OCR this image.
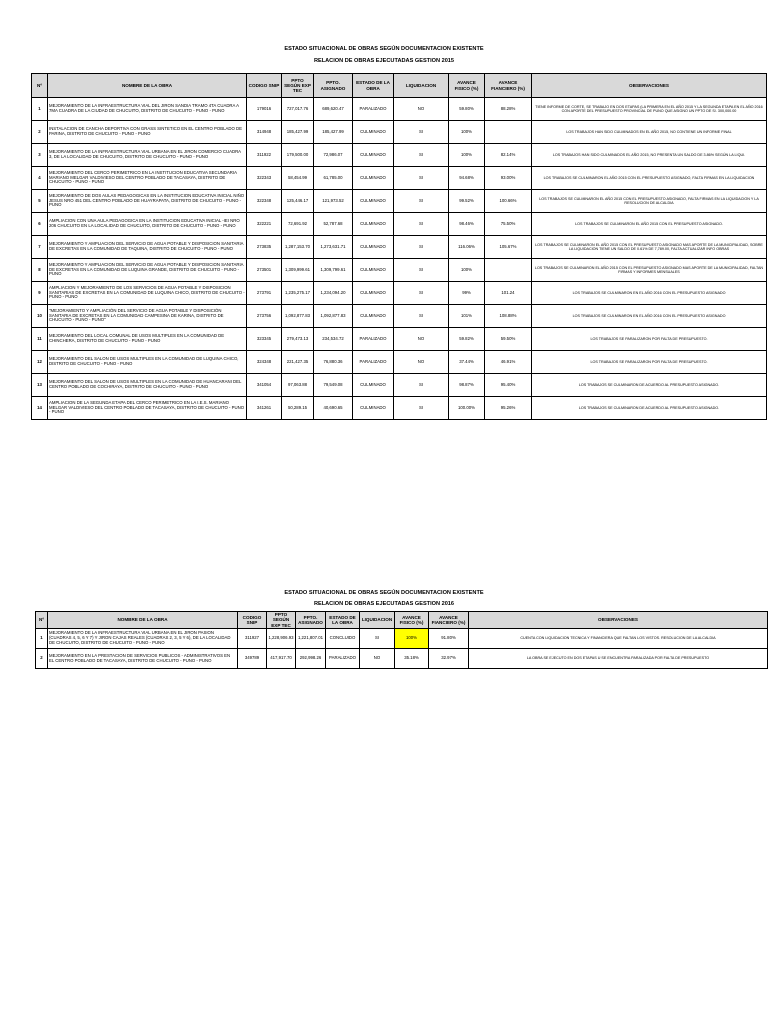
ESTADO SITUACIONAL DE OBRAS SEGÚN DOCUMENTACION EXISTENTE
RELACION DE OBRAS EJECUTADAS GESTION 2015
Nº	NOMBRE DE LA OBRA	CODIGO SNIP	PPTO SEGÚN EXP TEC	PPTO. ASIGNADO	ESTADO DE LA OBRA	LIQUIDACION	AVANCE FISICO (%)	AVANCE FIANCIERO (%)	OBSERVACIONES
1	MEJORAMIENTO DE LA INFRAESTRUCTURA VIAL DEL JIRON SANDIA TRAMO 4TA CUADRA A 7MA CUADRA DE LA CIUDAD DE CHUCUITO, DISTRITO DE CHUCUITO - PUNO - PUNO	179016	727,017.76	689,620.47	PARALIZADO	NO	59.80%	88.28%	TIENE INFORME DE CORTE, SE TRABAJO EN DOS ETAPAS (LA PRIMERA EN EL AÑO 2015 Y LA SEGUNDA ETAPA EN EL AÑO 2016 CON APORTE DEL PRESUPUESTO PROVINCIAL DE PUNO QUE ASIGNO UN PPTO DE S/. 300,000.00
2	INSTALACION DE CANCHA DEPORTIVA CON GRASS SINTETICO EN EL CENTRO POBLADO DE PARINA, DISTRITO DE CHUCUITO - PUNO - PUNO	314948	185,427.99	185,427.99	CULMINADO	SI	100%		LOS TRABAJOS HAN SIDO CULMINADOS EN EL AÑO 2015, NO CONTIENE UN INFORME FINAL
3	MEJORAMIENTO DE LA INFRAESTRUCTURA VIAL URBANA EN EL JIRON COMERCIO CUADRA 3, DE LA LOCALIDAD DE CHUCUITO, DISTRITO DE CHUCUITO - PUNO - PUNO	311922	179,500.00	72,986.07	CULMINADO	SI	100%	82.14%	LOS TRABAJOS HAN SIDO CULMINADOS EL AÑO 2015, NO PRESENTA UN SALDO DE 3.86% SEGÚN LA LIQUI.
4	MEJORAMIENTO DEL CERCO PERIMETRICO EN LA INSTITUCION EDUCATIVA SECUNDARIA MARIANO MELGAR VALDIVIESO DEL CENTRO POBLADO DE TACASAYA, DISTRITO DE CHUCUITO - PUNO - PUNO	322343	58,454.99	61,785.00	CULMINADO	SI	94.68%	93.00%	LOS TRABAJOS SE CULMINARON EL AÑO 2015 CON EL PRESUPUESTO ASIGNADO, FALTA FIRMAS EN LA LIQUIDACION
5	MEJORAMIENTO DE DOS AULAS PEDAGOGICAS EN LA INSTITUCION EDUCATIVA INICIAL NIÑO JESUS NRO 451 DEL CENTRO POBLADO DE HUAYRAPATA, DISTRITO DE CHUCUITO - PUNO - PUNO	322348	125,446.17	121,973.52	CULMINADO	SI	99.52%	100.66%	LOS TRABAJOS SE CULMINARON EL AÑO 2015 CON EL PRESUPUESTO ASIGNADO, FALTA FIRMAS EN LA LIQUIDACION Y LA RESOLUCION DE ALCALDIA
6	AMPLIACION CON UNA AULA PEDAGOGICA EN LA INSTITUCION EDUCATIVA INICIAL -IEI NRO 206 CHUCUITO EN LA LOCALIDAD DE CHUCUITO, DISTRITO DE CHUCUITO - PUNO - PUNO	322221	72,691.92	52,787.68	CULMINADO	SI	98.46%	75.50%	LOS TRABAJOS SE CULMINARON EL AÑO 2015 CON EL PRESUPUESTO ASIGNADO.
7	MEJORAMIENTO Y AMPLIACION DEL SERVICIO DE AGUA POTABLE Y DISPOSICION SANITARIA DE EXCRETAS EN LA COMUNIDAD DE TAQUINA, DISTRITO DE CHUCUITO - PUNO - PUNO	273835	1,287,153.70	1,273,631.71	CULMINADO	SI	116.06%	105.67%	LOS TRABAJOS SE CULMINARON EL AÑO 2015 CON EL PRESUPUESTO ASIGNADO MAS APORTE DE LA MUNICIPALIDAD, SOBRE LA LIQUIDACION TIENE UN SALDO DE 0.61% DE 7,789.00, FALTA ACTUALIZAR INFO OBRAS
8	MEJORAMIENTO Y AMPLIACION DEL SERVICIO DE AGUA POTABLE Y DISPOSICION SANITARIA DE EXCRETAS EN LA COMUNIDAD DE LUQUINA GRANDE, DISTRITO DE CHUCUITO - PUNO - PUNO	273501	1,309,999.61	1,309,799.61	CULMINADO	SI	100%		LOS TRABAJOS SE CULMINARON EL AÑO 2015 CON EL PRESUPUESTO ASIGNADO MAS APORTE DE LA MUNICIPALIDAD, FALTAN FIRMAS Y INFORMES MENSUALES
9	AMPLIACION Y MEJORAMIENTO DE LOS SERVICIOS DE AGUA POTABLE Y DISPOSICION SANITARIAS DE EXCRETAS EN LA COMUNIDAD DE LUQUINA CHICO, DISTRITO DE CHUCUITO - PUNO - PUNO	273791	1,235,275.17	1,234,094.20	CULMINADO	SI	99%	101.24	LOS TRABAJOS SE CULMINARON EN EL AÑO 2016 CON EL PRESUPUESTO ASIGNADO
10	"MEJORAMIENTO Y AMPLIACIÓN DEL SERVICIO DE AGUA POTABLE Y DISPOSICIÓN SANITARIA DE EXCRETAS EN LA COMUNIDAD CAMPESINA DE KARINA, DISTRITO DE CHUCUITO - PUNO - PUNO"	273756	1,092,877.83	1,092,877.83	CULMINADO	SI	101%	108.88%	LOS TRABAJOS SE CULMINARON EN EL AÑO 2016 CON EL PRESUPUESTO ASIGNADO
11	MEJORAMIENTO DEL LOCAL COMUNAL DE USOS MULTIPLES EN LA COMUNIDAD DE CHINCHERA, DISTRITO DE CHUCUITO - PUNO - PUNO	323345	279,473.13	234,534.72	PARALIZADO	NO	59.82%	59.50%	LOS TRABAJOS SE PARALIZARON POR FALTA DE PRESUPUESTO.
12	MEJORAMIENTO DEL SALON DE USOS MULTIPLES EN LA COMUNIDAD DE LUQUINA CHICO, DISTRITO DE CHUCUITO - PUNO - PUNO	324348	221,427.35	76,880.36	PARALIZADO	NO	37.44%	46.91%	LOS TRABAJOS SE PARALIZARON POR FALTA DE PRESUPUESTO.
13	MEJORAMIENTO DEL SALON DE USOS MULTIPLES EN LA COMUNIDAD DE HUANCARANI DEL CENTRO POBLADO DE COCHIRAYA, DISTRITO DE CHUCUITO - PUNO - PUNO	341054	97,063.88	79,549.08	CULMINADO	SI	98.87%	95.40%	LOS TRABAJOS SE CULMINARON DE ACUERDO AL PRESUPUESTO ASIGNADO.
14	AMPLIACION DE LA SEGUNDA ETAPA DEL CERCO PERIMETRICO EN LA I.E.S. MARIANO MELGAR VALDIVIESO DEL CENTRO POBLADO DE TACASAYA, DISTRITO DE CHUCUITO - PUNO - PUNO	341261	50,289.15	40,690.65	CULMINADO	SI	100.00%	95.26%	LOS TRABAJOS SE CULMINARON DE ACUERDO AL PRESUPUESTO ASIGNADO.
ESTADO SITUACIONAL DE OBRAS SEGÚN DOCUMENTACION EXISTENTE
RELACION DE OBRAS EJECUTADAS GESTION 2016
Nº	NOMBRE DE LA OBRA	CODIGO SNIP	PPTO SEGÚN EXP TEC	PPTO. ASIGNADO	ESTADO DE LA OBRA	LIQUIDACION	AVANCE FISICO (%)	AVANCE FIANCIERO (%)	OBSERVACIONES
1	MEJORAMIENTO DE LA INFRAESTRUCTURA VIAL URBANA EN EL JIRON PASION (CUADRAS 4, 5, 6 Y 7) Y JIRON CAJAS REALES (CUADRAS 2, 3, 5 Y 6), DE LA LOCALIDAD DE CHUCUITO, DISTRITO DE CHUCUITO - PUNO - PUNO	311927	1,228,906.93	1,221,807.01	CONCLUIDO	SI	100%	91.80%	CUENTA CON LIQUIDACION TECNICA Y FINANCIERA QUE FALTAN LOS VISTOS. RESOLUCION DE LA ALCALDIA
2	MEJORAMIENTO EN LA PRESTACION DE SERVICIOS PUBLICOS - ADMINISTRATIVOS EN EL CENTRO POBLADO DE TACASAYA, DISTRITO DE CHUCUITO - PUNO - PUNO	349789	417,917.70	292,998.26	PARALIZADO	NO	35.18%	32.97%	LA OBRA SE EJECUTO EN DOS ETAPAS U SE ENCUENTRA PARALIZADA POR FALTA DE PRESUPUESTO
